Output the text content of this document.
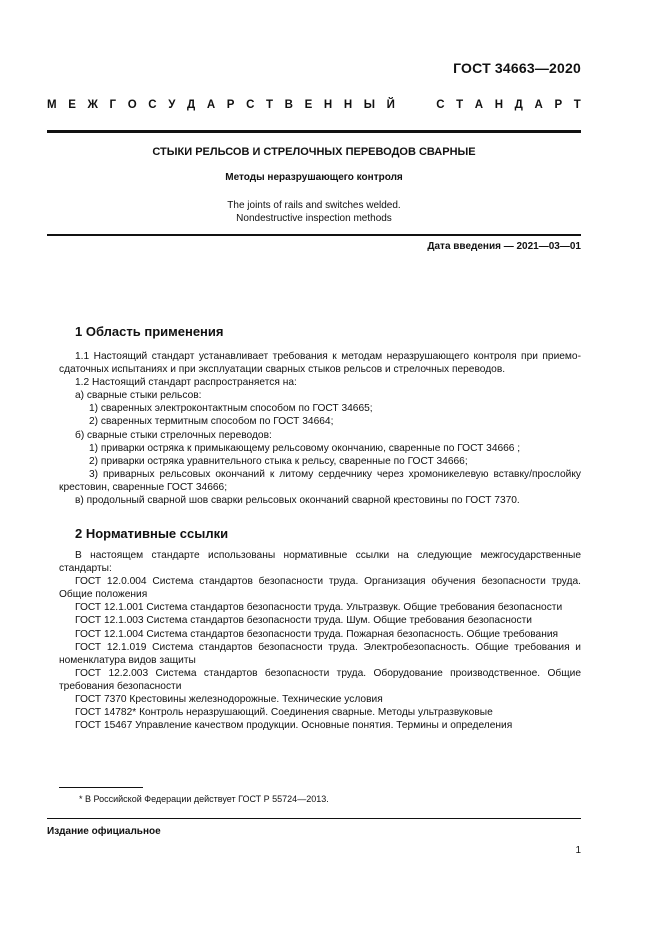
ГОСТ 34663—2020
М Е Ж Г О С У Д А Р С Т В Е Н Н Ы Й

	С Т А Н Д А Р Т
СТЫКИ РЕЛЬСОВ И СТРЕЛОЧНЫХ ПЕРЕВОДОВ СВАРНЫЕ
Методы неразрушающего контроля
The joints of rails and switches welded.
Nondestructive inspection methods
Дата введения — 2021—03—01
1 Область применения

1.1 Настоящий стандарт устанавливает требования к методам неразрушающего контроля при приемо-сдаточных испытаниях и при эксплуатации сварных стыков рельсов и стрелочных переводов.

1.2 Настоящий стандарт распространяется на:

а) сварные стыки рельсов:

1) сваренных электроконтактным способом по ГОСТ 34665;

2) сваренных термитным способом по ГОСТ 34664;

б) сварные стыки стрелочных переводов:

1) приварки остряка к примыкающему рельсовому окончанию, сваренные по ГОСТ 34666 ;

2) приварки остряка уравнительного стыка к рельсу, сваренные по ГОСТ 34666;

3) приварных рельсовых окончаний к литому сердечнику через хромоникелевую вставку/прослойку крестовин, сваренные ГОСТ 34666;

в) продольный сварной шов сварки рельсовых окончаний сварной крестовины по ГОСТ 7370.

2 Нормативные ссылки

В настоящем стандарте использованы нормативные ссылки на следующие межгосударственные стандарты:

ГОСТ 12.0.004 Система стандартов безопасности труда. Организация обучения безопасности труда. Общие положения

ГОСТ 12.1.001 Система стандартов безопасности труда. Ультразвук. Общие требования безопасности

ГОСТ 12.1.003 Система стандартов безопасности труда. Шум. Общие требования безопасности

ГОСТ 12.1.004 Система стандартов безопасности труда. Пожарная безопасность. Общие требования

ГОСТ 12.1.019 Система стандартов безопасности труда. Электробезопасность. Общие требования и номенклатура видов защиты

ГОСТ 12.2.003 Система стандартов безопасности труда. Оборудование производственное. Общие требования безопасности

ГОСТ 7370 Крестовины железнодорожные. Технические условия

ГОСТ 14782* Контроль неразрушающий. Соединения сварные. Методы ультразвуковые

ГОСТ 15467 Управление качеством продукции. Основные понятия. Термины и определения

* В Российской Федерации действует ГОСТ Р 55724—2013.
Издание официальное
1
